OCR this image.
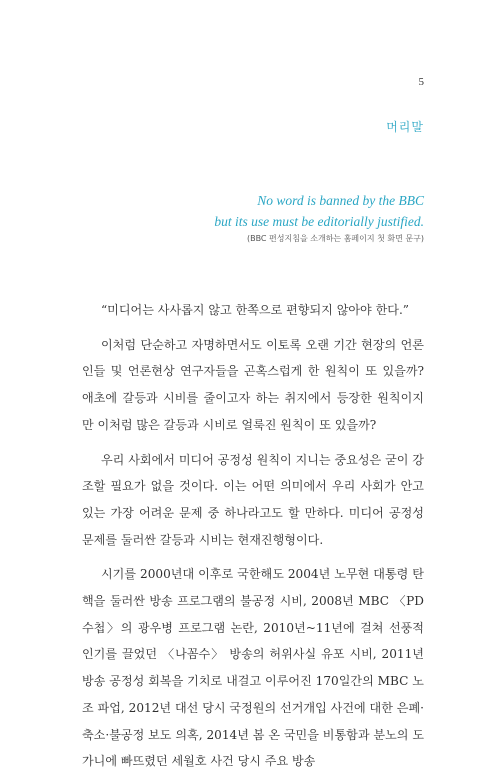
5
머리말
No word is banned by the BBC
but its use must be editorially justified.
(BBC 편성지침을 소개하는 홈페이지 첫 화면 문구)

“미디어는 사사롭지 않고 한쪽으로 편향되지 않아야 한다.”

이처럼 단순하고 자명하면서도 이토록 오랜 기간 현장의 언론인들 및 언론현상 연구자들을 곤혹스럽게 한 원칙이 또 있을까? 애초에 갈등과 시비를 줄이고자 하는 취지에서 등장한 원칙이지만 이처럼 많은 갈등과 시비로 얼룩진 원칙이 또 있을까?

우리 사회에서 미디어 공정성 원칙이 지니는 중요성은 굳이 강조할 필요가 없을 것이다. 이는 어떤 의미에서 우리 사회가 안고 있는 가장 어려운 문제 중 하나라고도 할 만하다. 미디어 공정성 문제를 둘러싼 갈등과 시비는 현재진행형이다.

시기를 2000년대 이후로 국한해도 2004년 노무현 대통령 탄핵을 둘러싼 방송 프로그램의 불공정 시비, 2008년 MBC 〈PD수첩〉의 광우병 프로그램 논란, 2010년~11년에 걸쳐 선풍적 인기를 끌었던 〈나꼼수〉 방송의 허위사실 유포 시비, 2011년 방송 공정성 회복을 기치로 내걸고 이루어진 170일간의 MBC 노조 파업, 2012년 대선 당시 국정원의 선거개입 사건에 대한 은폐·축소·불공정 보도 의혹, 2014년 봄 온 국민을 비통함과 분노의 도가니에 빠뜨렸던 세월호 사건 당시 주요 방송
